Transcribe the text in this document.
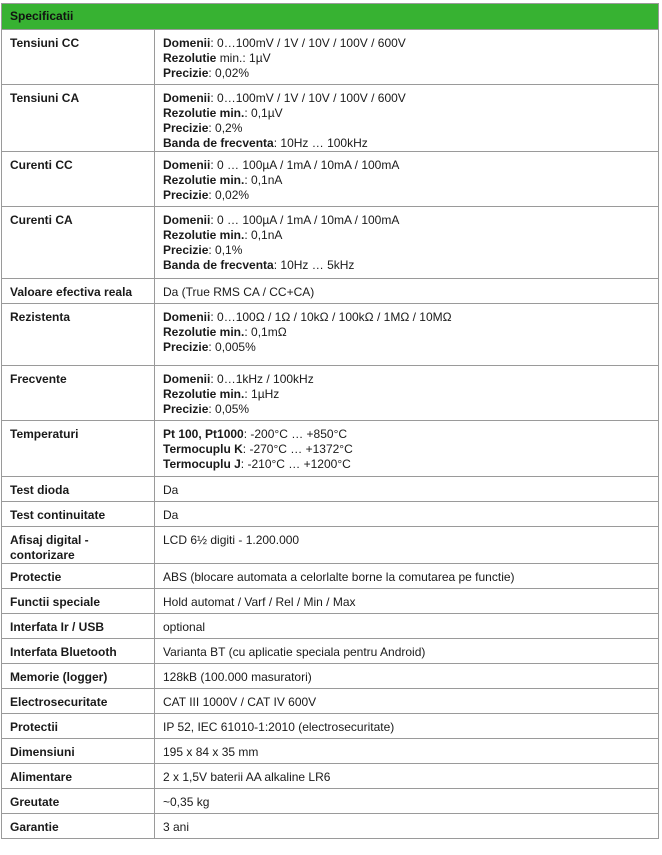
Specificatii	
Tensiuni CC	Domenii: 0…100mV / 1V / 10V / 100V / 600V
Rezolutie min.: 1µV
Precizie: 0,02%

Tensiuni CA	Domenii: 0…100mV / 1V / 10V / 100V / 600V
Rezolutie min.: 0,1µV
Precizie: 0,2%
Banda de frecventa: 10Hz … 100kHz

Curenti CC	Domenii: 0 … 100µA / 1mA / 10mA / 100mA
Rezolutie min.: 0,1nA
Precizie: 0,02%

Curenti CA	Domenii: 0 … 100µA / 1mA / 10mA / 100mA
Rezolutie min.: 0,1nA
Precizie: 0,1%
Banda de frecventa: 10Hz … 5kHz

Valoare efectiva reala	Da (True RMS CA / CC+CA)

Rezistenta	Domenii: 0…100Ω / 1Ω / 10kΩ / 100kΩ / 1MΩ / 10MΩ
Rezolutie min.: 0,1mΩ
Precizie: 0,005%

Frecvente	Domenii: 0…1kHz / 100kHz
Rezolutie min.: 1µHz
Precizie: 0,05%

Temperaturi	Pt 100, Pt1000: -200°C … +850°C
Termocuplu K: -270°C … +1372°C
Termocuplu J: -210°C … +1200°C

Test dioda	Da

Test continuitate	Da

Afisaj digital - contorizare	LCD 6½ digiti - 1.200.000

Protectie	ABS (blocare automata a celorlalte borne la comutarea pe functie)

Functii speciale	Hold automat / Varf / Rel / Min / Max

Interfata Ir / USB	optional

Interfata Bluetooth	Varianta BT (cu aplicatie speciala pentru Android)

Memorie (logger)	128kB (100.000 masuratori)

Electrosecuritate	CAT III 1000V / CAT IV 600V

Protectii	IP 52, IEC 61010-1:2010 (electrosecuritate)

Dimensiuni	195 x 84 x 35 mm

Alimentare	2 x 1,5V baterii AA alkaline LR6

Greutate	~0,35 kg

Garantie	3 ani
